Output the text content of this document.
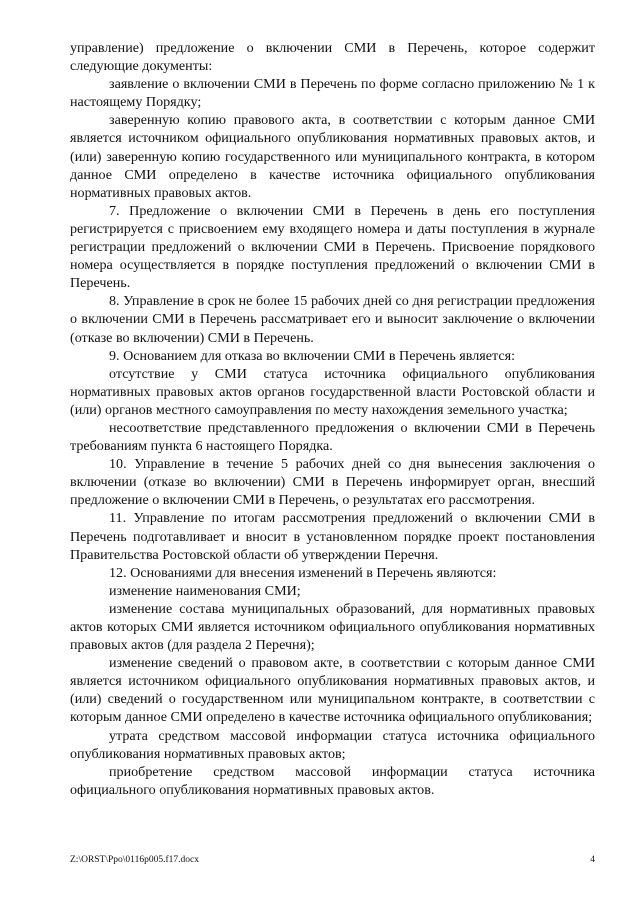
управление) предложение о включении СМИ в Перечень, которое содержит следующие документы:

заявление о включении СМИ в Перечень по форме согласно приложению № 1 к настоящему Порядку;

заверенную копию правового акта, в соответствии с которым данное СМИ является источником официального опубликования нормативных правовых актов, и (или) заверенную копию государственного или муниципального контракта, в котором данное СМИ определено в качестве источника официального опубликования нормативных правовых актов.

7. Предложение о включении СМИ в Перечень в день его поступления регистрируется с присвоением ему входящего номера и даты поступления в журнале регистрации предложений о включении СМИ в Перечень. Присвоение порядкового номера осуществляется в порядке поступления предложений о включении СМИ в Перечень.

8. Управление в срок не более 15 рабочих дней со дня регистрации предложения о включении СМИ в Перечень рассматривает его и выносит заключение о включении (отказе во включении) СМИ в Перечень.

9. Основанием для отказа во включении СМИ в Перечень является:

отсутствие у СМИ статуса источника официального опубликования нормативных правовых актов органов государственной власти Ростовской области и (или) органов местного самоуправления по месту нахождения земельного участка;

несоответствие представленного предложения о включении СМИ в Перечень требованиям пункта 6 настоящего Порядка.

10. Управление в течение 5 рабочих дней со дня вынесения заключения о включении (отказе во включении) СМИ в Перечень информирует орган, внесший предложение о включении СМИ в Перечень, о результатах его рассмотрения.

11. Управление по итогам рассмотрения предложений о включении СМИ в Перечень подготавливает и вносит в установленном порядке проект постановления Правительства Ростовской области об утверждении Перечня.

12. Основаниями для внесения изменений в Перечень являются:

изменение наименования СМИ;

изменение состава муниципальных образований, для нормативных правовых актов которых СМИ является источником официального опубликования нормативных правовых актов (для раздела 2 Перечня);

изменение сведений о правовом акте, в соответствии с которым данное СМИ является источником официального опубликования нормативных правовых актов, и (или) сведений о государственном или муниципальном контракте, в соответствии с которым данное СМИ определено в качестве источника официального опубликования;

утрата средством массовой информации статуса источника официального опубликования нормативных правовых актов;

приобретение средством массовой информации статуса источника официального опубликования нормативных правовых актов.

Z:\ORST\Ppo\0116p005.f17.docx	4
